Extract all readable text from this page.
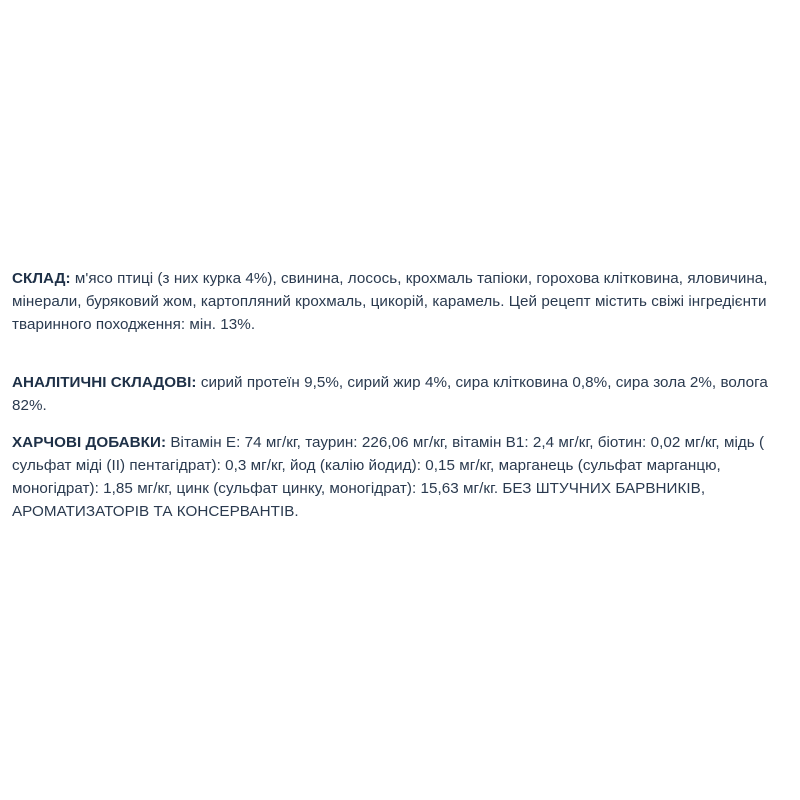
СКЛАД: м'ясо птиці (з них курка 4%), свинина, лосось, крохмаль тапіоки, горохова клітковина, яловичина, мінерали, буряковий жом, картопляний крохмаль, цикорій, карамель. Цей рецепт містить свіжі інгредієнти тваринного походження: мін. 13%.

АНАЛІТИЧНІ СКЛАДОВІ: сирий протеїн 9,5%, сирий жир 4%, сира клітковина 0,8%, сира зола 2%, волога 82%.

ХАРЧОВІ ДОБАВКИ: Вітамін Е: 74 мг/кг, таурин: 226,06 мг/кг, вітамін В1: 2,4 мг/кг, біотин: 0,02 мг/кг, мідь ( сульфат міді (II) пентагідрат): 0,3 мг/кг, йод (калію йодид): 0,15 мг/кг, марганець (сульфат марганцю, моногідрат): 1,85 мг/кг, цинк (сульфат цинку, моногідрат): 15,63 мг/кг. БЕЗ ШТУЧНИХ БАРВНИКІВ, АРОМАТИЗАТОРІВ ТА КОНСЕРВАНТІВ.
